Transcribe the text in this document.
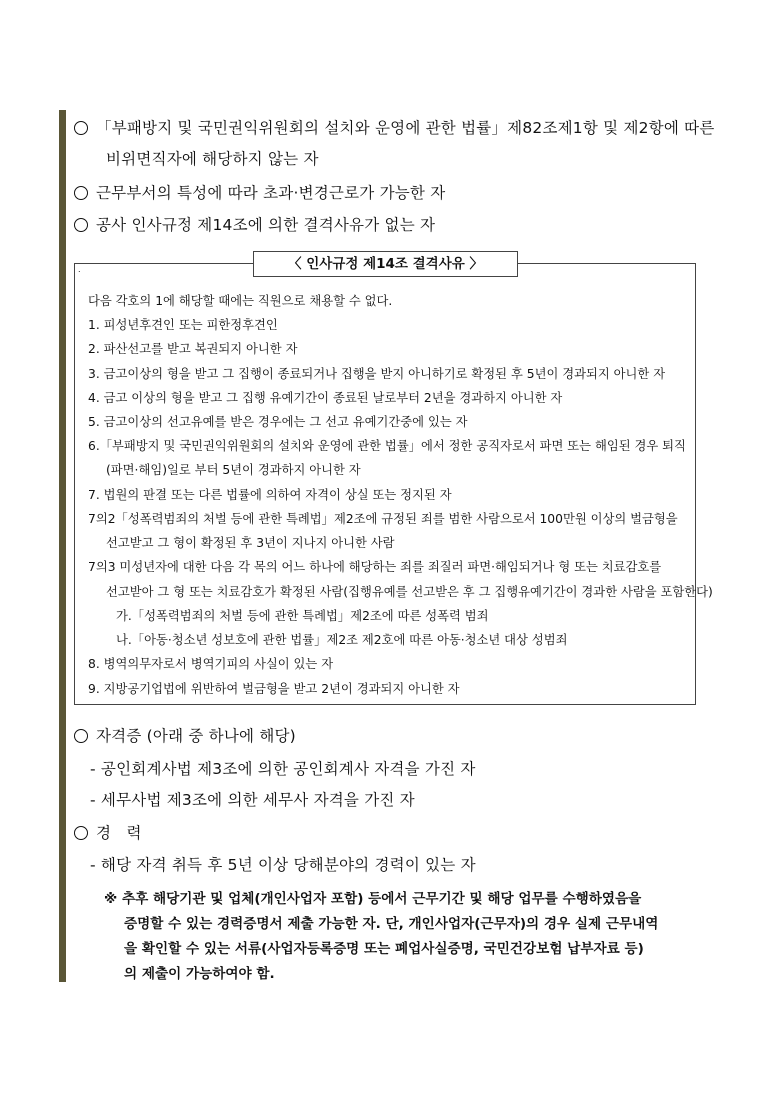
「부패방지 및 국민권익위원회의 설치와 운영에 관한 법률」제82조제1항 및 제2항에 따른
비위면직자에 해당하지 않는 자
근무부서의 특성에 따라 초과·변경근로가 가능한 자
공사 인사규정 제14조에 의한 결격사유가 없는 자
〈 인사규정 제14조 결격사유 〉
.
다음 각호의 1에 해당할 때에는 직원으로 채용할 수 없다.
1. 피성년후견인 또는 피한정후견인
2. 파산선고를 받고 복권되지 아니한 자
3. 금고이상의 형을 받고 그 집행이 종료되거나 집행을 받지 아니하기로 확정된 후 5년이 경과되지 아니한 자
4. 금고 이상의 형을 받고 그 집행 유예기간이 종료된 날로부터 2년을 경과하지 아니한 자
5. 금고이상의 선고유예를 받은 경우에는 그 선고 유예기간중에 있는 자
6.「부패방지 및 국민권익위원회의 설치와 운영에 관한 법률」에서 정한 공직자로서 파면 또는 해임된 경우 퇴직
(파면·해임)일로 부터 5년이 경과하지 아니한 자
7. 법원의 판결 또는 다른 법률에 의하여 자격이 상실 또는 정지된 자
7의2「성폭력범죄의 처벌 등에 관한 특례법」제2조에 규정된 죄를 범한 사람으로서 100만원 이상의 벌금형을
선고받고 그 형이 확정된 후 3년이 지나지 아니한 사람
7의3 미성년자에 대한 다음 각 목의 어느 하나에 해당하는 죄를 죄질러 파면·해임되거나 형 또는 치료감호를
선고받아 그 형 또는 치료감호가 확정된 사람(집행유예를 선고받은 후 그 집행유예기간이 경과한 사람을 포함한다)
가.「성폭력범죄의 처벌 등에 관한 특례법」제2조에 따른 성폭력 범죄
나.「아동·청소년 성보호에 관한 법률」제2조 제2호에 따른 아동·청소년 대상 성범죄
8. 병역의무자로서 병역기피의 사실이 있는 자
9. 지방공기업법에 위반하여 벌금형을 받고 2년이 경과되지 아니한 자
자격증 (아래 중 하나에 해당)
- 공인회계사법 제3조에 의한 공인회계사 자격을 가진 자
- 세무사법 제3조에 의한 세무사 자격을 가진 자
경   력
- 해당 자격 취득 후 5년 이상 당해분야의 경력이 있는 자
※ 추후 해당기관 및 업체(개인사업자 포함) 등에서 근무기간 및 해당 업무를 수행하였음을
증명할 수 있는 경력증명서 제출 가능한 자. 단, 개인사업자(근무자)의 경우 실제 근무내역
을 확인할 수 있는 서류(사업자등록증명 또는 폐업사실증명, 국민건강보험 납부자료 등)
의 제출이 가능하여야 함.
